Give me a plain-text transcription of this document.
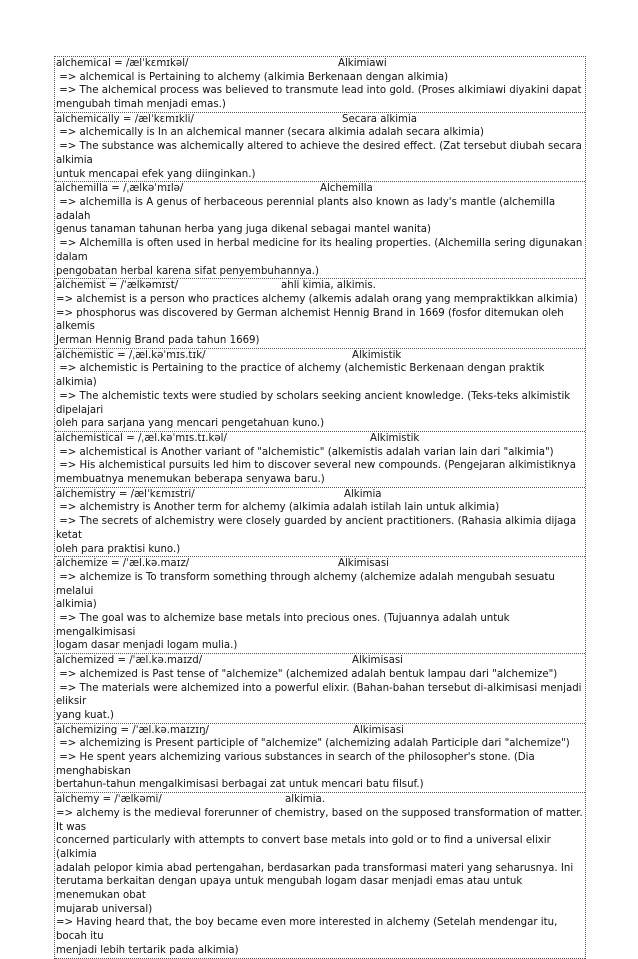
alchemical = /ælˈkɛmɪkəl/	Alkimiawi
=> alchemical is Pertaining to alchemy (alkimia Berkenaan dengan alkimia)
=> The alchemical process was believed to transmute lead into gold. (Proses alkimiawi diyakini dapat
mengubah timah menjadi emas.)
alchemically = /ælˈkɛmɪkli/	Secara alkimia
=> alchemically is In an alchemical manner (secara alkimia adalah secara alkimia)
=> The substance was alchemically altered to achieve the desired effect. (Zat tersebut diubah secara alkimia
untuk mencapai efek yang diinginkan.)
alchemilla = /ˌælkəˈmɪlə/	Alchemilla
=> alchemilla is A genus of herbaceous perennial plants also known as lady's mantle (alchemilla adalah
genus tanaman tahunan herba yang juga dikenal sebagai mantel wanita)
=> Alchemilla is often used in herbal medicine for its healing properties. (Alchemilla sering digunakan dalam
pengobatan herbal karena sifat penyembuhannya.)
alchemist = /ˈælkəmɪst/	ahli kimia, alkimis.
=> alchemist is a person who practices alchemy (alkemis adalah orang yang mempraktikkan alkimia)
=> phosphorus was discovered by German alchemist Hennig Brand in 1669 (fosfor ditemukan oleh alkemis
Jerman Hennig Brand pada tahun 1669)
alchemistic = /ˌæl.kəˈmɪs.tɪk/	Alkimistik
=> alchemistic is Pertaining to the practice of alchemy (alchemistic Berkenaan dengan praktik alkimia)
=> The alchemistic texts were studied by scholars seeking ancient knowledge. (Teks-teks alkimistik dipelajari
oleh para sarjana yang mencari pengetahuan kuno.)
alchemistical = /ˌæl.kəˈmɪs.tɪ.kəl/	Alkimistik
=> alchemistical is Another variant of "alchemistic" (alkemistis adalah varian lain dari "alkimia")
=> His alchemistical pursuits led him to discover several new compounds. (Pengejaran alkimistiknya
membuatnya menemukan beberapa senyawa baru.)
alchemistry = /ælˈkɛmɪstri/	Alkimia
=> alchemistry is Another term for alchemy (alkimia adalah istilah lain untuk alkimia)
=> The secrets of alchemistry were closely guarded by ancient practitioners. (Rahasia alkimia dijaga ketat
oleh para praktisi kuno.)
alchemize = /ˈæl.kə.maɪz/	Alkimisasi
=> alchemize is To transform something through alchemy (alchemize adalah mengubah sesuatu melalui
alkimia)
=> The goal was to alchemize base metals into precious ones. (Tujuannya adalah untuk mengalkimisasi
logam dasar menjadi logam mulia.)
alchemized = /ˈæl.kə.maɪzd/	Alkimisasi
=> alchemized is Past tense of "alchemize" (alchemized adalah bentuk lampau dari "alchemize")
=> The materials were alchemized into a powerful elixir. (Bahan-bahan tersebut di-alkimisasi menjadi eliksir
yang kuat.)
alchemizing = /ˈæl.kə.maɪzɪŋ/	Alkimisasi
=> alchemizing is Present participle of "alchemize" (alchemizing adalah Participle dari "alchemize")
=> He spent years alchemizing various substances in search of the philosopher's stone. (Dia menghabiskan
bertahun-tahun mengalkimisasi berbagai zat untuk mencari batu filsuf.)
alchemy = /ˈælkəmi/	alkimia.
=> alchemy is the medieval forerunner of chemistry, based on the supposed transformation of matter. It was
concerned particularly with attempts to convert base metals into gold or to find a universal elixir (alkimia
adalah pelopor kimia abad pertengahan, berdasarkan pada transformasi materi yang seharusnya. Ini
terutama berkaitan dengan upaya untuk mengubah logam dasar menjadi emas atau untuk menemukan obat
mujarab universal)
=> Having heard that, the boy became even more interested in alchemy (Setelah mendengar itu, bocah itu
menjadi lebih tertarik pada alkimia)
